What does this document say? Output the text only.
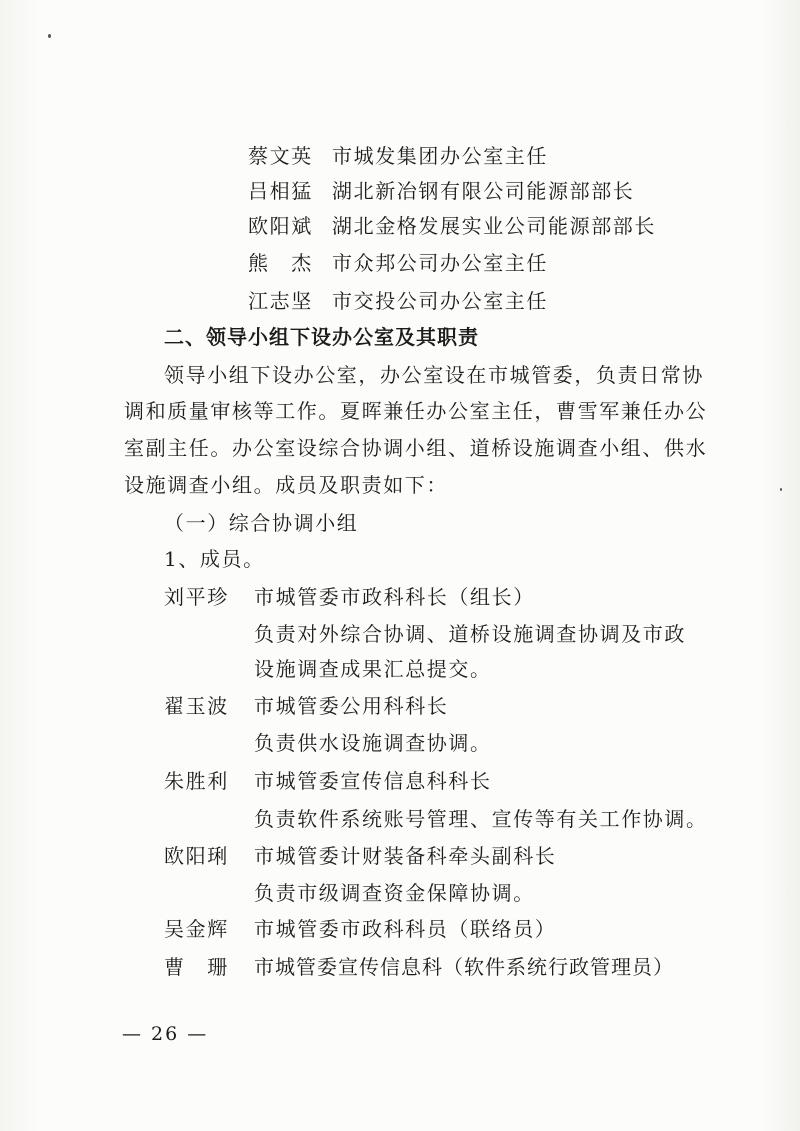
蔡文英 市城发集团办公室主任
吕相猛 湖北新冶钢有限公司能源部部长
欧阳斌 湖北金格发展实业公司能源部部长
熊　杰 市众邦公司办公室主任
江志坚 市交投公司办公室主任
二、领导小组下设办公室及其职责
领导小组下设办公室，办公室设在市城管委，负责日常协
调和质量审核等工作。夏晖兼任办公室主任，曹雪军兼任办公
室副主任。办公室设综合协调小组、道桥设施调查小组、供水
设施调查小组。成员及职责如下：
（一）综合协调小组
1、成员。
刘平珍 市城管委市政科科长（组长）
负责对外综合协调、道桥设施调查协调及市政
设施调查成果汇总提交。
翟玉波 市城管委公用科科长
负责供水设施调查协调。
朱胜利 市城管委宣传信息科科长
负责软件系统账号管理、宣传等有关工作协调。
欧阳琍 市城管委计财装备科牵头副科长
负责市级调查资金保障协调。
吴金辉 市城管委市政科科员（联络员）
曹　珊 市城管委宣传信息科（软件系统行政管理员）
— 26 —
